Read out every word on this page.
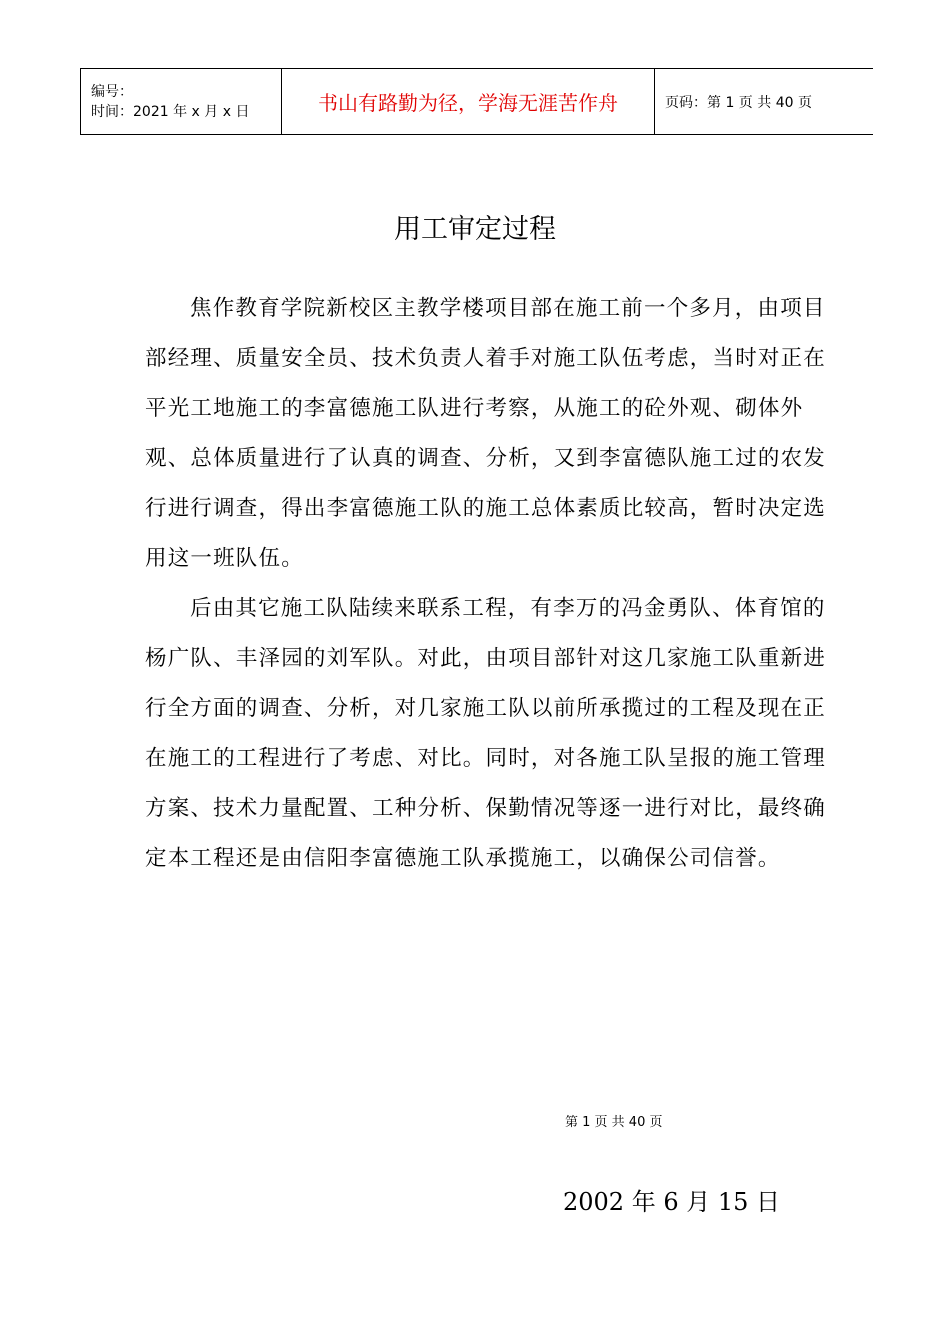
编号：
时间：2021 年 x 月 x 日	书山有路勤为径，学海无涯苦作舟	页码：第 1 页 共 40 页
用工审定过程

焦作教育学院新校区主教学楼项目部在施工前一个多月，由项目部经理、质量安全员、技术负责人着手对施工队伍考虑，当时对正在平光工地施工的李富德施工队进行考察，从施工的砼外观、砌体外观、总体质量进行了认真的调查、分析，又到李富德队施工过的农发行进行调查，得出李富德施工队的施工总体素质比较高，暂时决定选用这一班队伍。

后由其它施工队陆续来联系工程，有李万的冯金勇队、体育馆的杨广队、丰泽园的刘军队。对此，由项目部针对这几家施工队重新进行全方面的调查、分析，对几家施工队以前所承揽过的工程及现在正在施工的工程进行了考虑、对比。同时，对各施工队呈报的施工管理方案、技术力量配置、工种分析、保勤情况等逐一进行对比，最终确定本工程还是由信阳李富德施工队承揽施工，以确保公司信誉。

第 1 页 共 40 页
2002 年 6 月 15 日
